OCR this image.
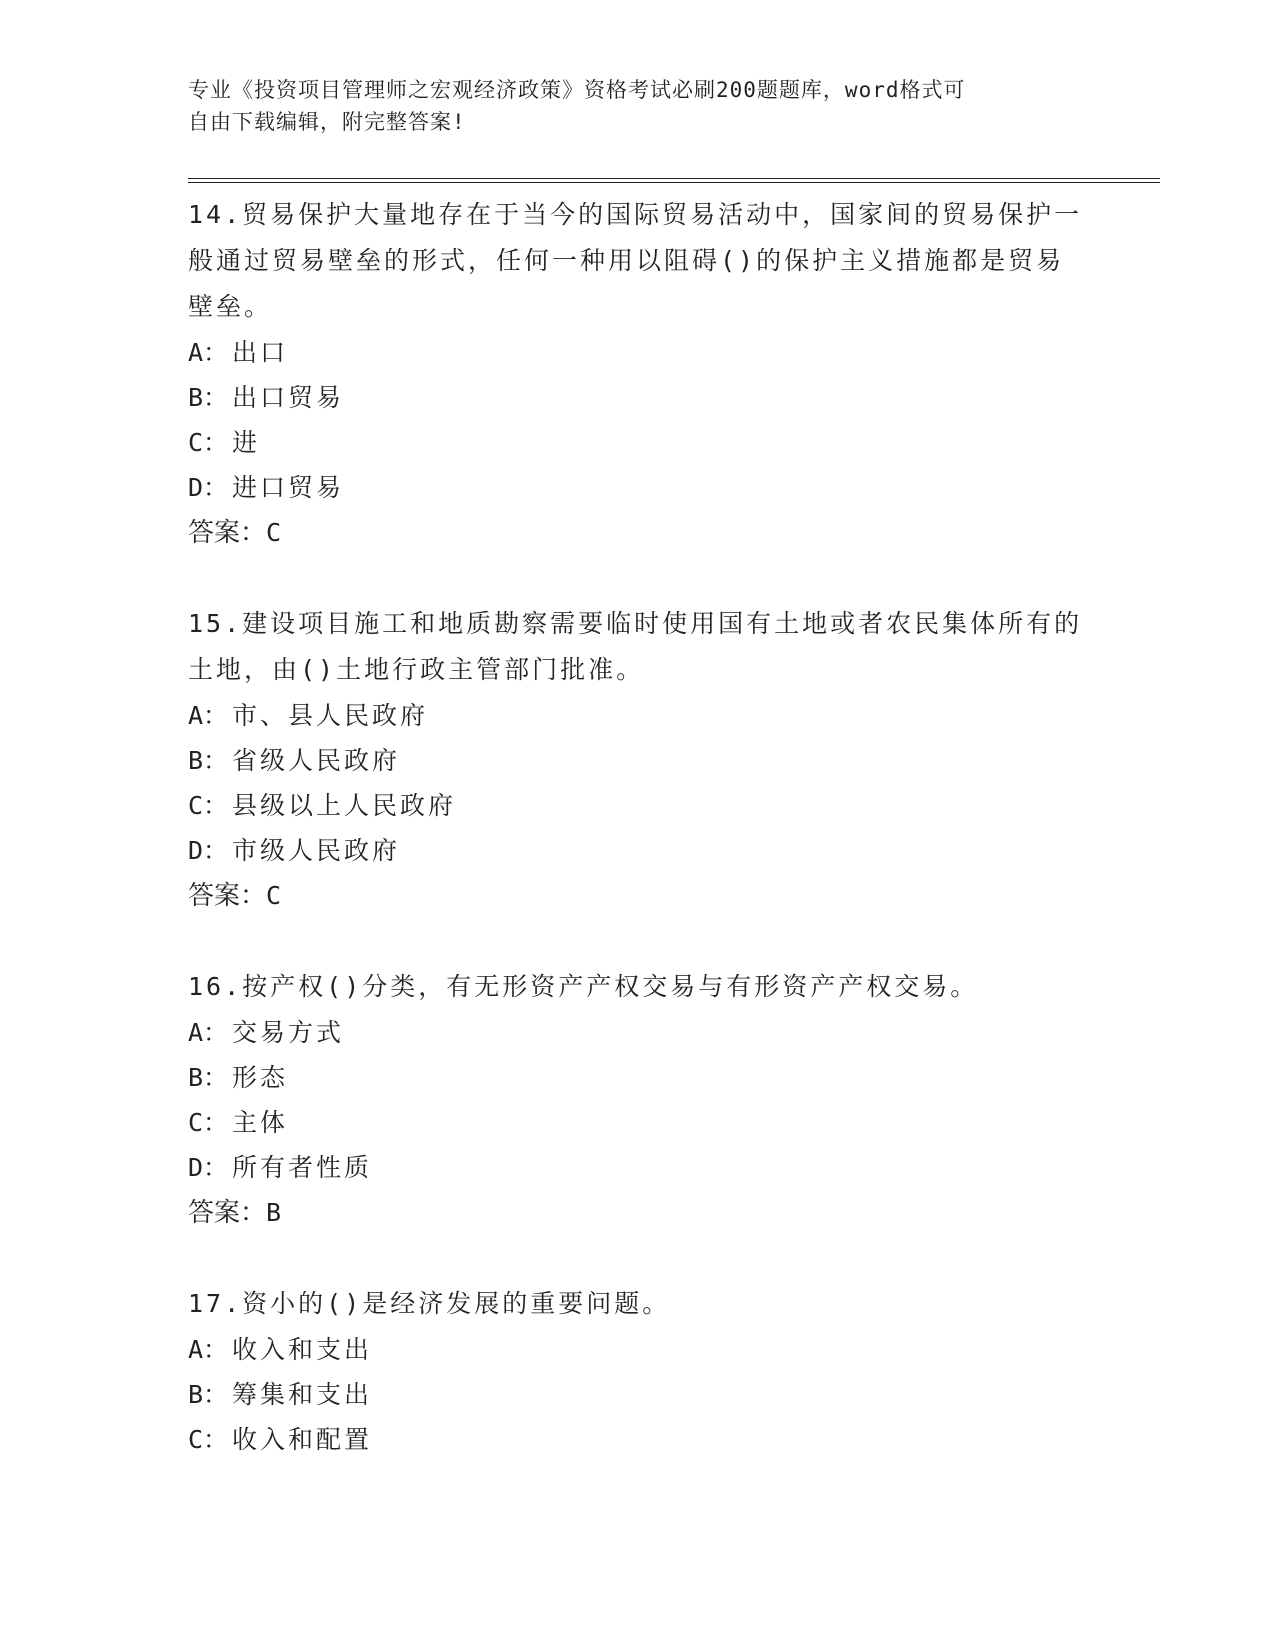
专业《投资项目管理师之宏观经济政策》资格考试必刷200题题库，word格式可

自由下载编辑，附完整答案!

14.贸易保护大量地存在于当今的国际贸易活动中，国家间的贸易保护一般通过贸易壁垒的形式，任何一种用以阻碍()的保护主义措施都是贸易壁垒。

A： 出口

B： 出口贸易

C： 进

D： 进口贸易

答案：C

15.建设项目施工和地质勘察需要临时使用国有土地或者农民集体所有的土地，由()土地行政主管部门批准。

A： 市、县人民政府

B： 省级人民政府

C： 县级以上人民政府

D： 市级人民政府

答案：C

16.按产权()分类，有无形资产产权交易与有形资产产权交易。

A： 交易方式

B： 形态

C： 主体

D： 所有者性质

答案：B

17.资小的()是经济发展的重要问题。

A： 收入和支出

B： 筹集和支出

C： 收入和配置
